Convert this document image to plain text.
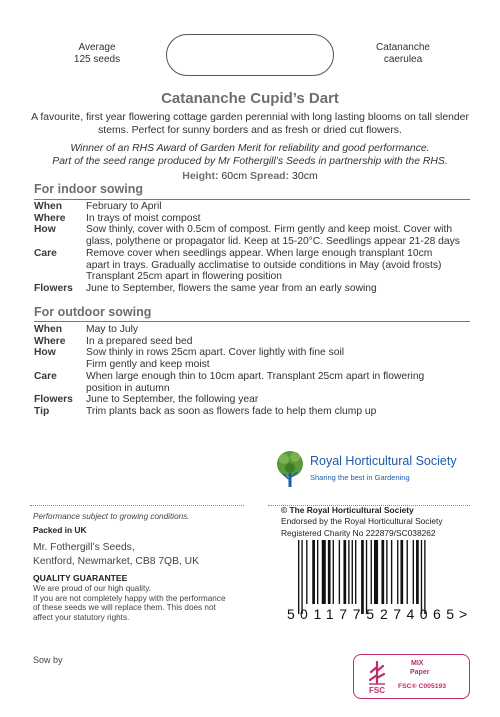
Average
125 seeds
Catananche
caerulea
Catananche Cupid’s Dart
A favourite, first year flowering cottage garden perennial with long lasting blooms on tall slender stems. Perfect for sunny borders and as fresh or dried cut flowers.
Winner of an RHS Award of Garden Merit for reliability and good performance.
Part of the seed range produced by Mr Fothergill’s Seeds in partnership with the RHS.
Height: 60cm Spread: 30cm
For indoor sowing
When	February to April
Where	In trays of moist compost
How	Sow thinly, cover with 0.5cm of compost. Firm gently and keep moist. Cover with
glass, polythene or propagator lid. Keep at 15-20°C. Seedlings appear 21-28 days
Care	Remove cover when seedlings appear. When large enough transplant 10cm
apart in trays. Gradually acclimatise to outside conditions in May (avoid frosts)
Transplant 25cm apart in flowering position
Flowers	June to September, flowers the same year from an early sowing
For outdoor sowing
When	May to July
Where	In a prepared seed bed
How	Sow thinly in rows 25cm apart. Cover lightly with fine soil
Firm gently and keep moist
Care	When large enough thin to 10cm apart. Transplant 25cm apart in flowering
position in autumn
Flowers	June to September, the following year
Tip	Trim plants back as soon as flowers fade to help them clump up
Royal Horticultural Society
Sharing the best in Gardening
Performance subject to growing conditions.
Packed in UK
Mr. Fothergill’s Seeds,
Kentford, Newmarket, CB8 7QB, UK
QUALITY GUARANTEE
We are proud of our high quality.
If you are not completely happy with the performance
of these seeds we will replace them. This does not
affect your statutory rights.
© The Royal Horticultural Society
Endorsed by the Royal Horticultural Society
Registered Charity No 222879/SC038262
5 011775 274065 >
Sow by
FSC
MIX
Paper
FSC® C005193
